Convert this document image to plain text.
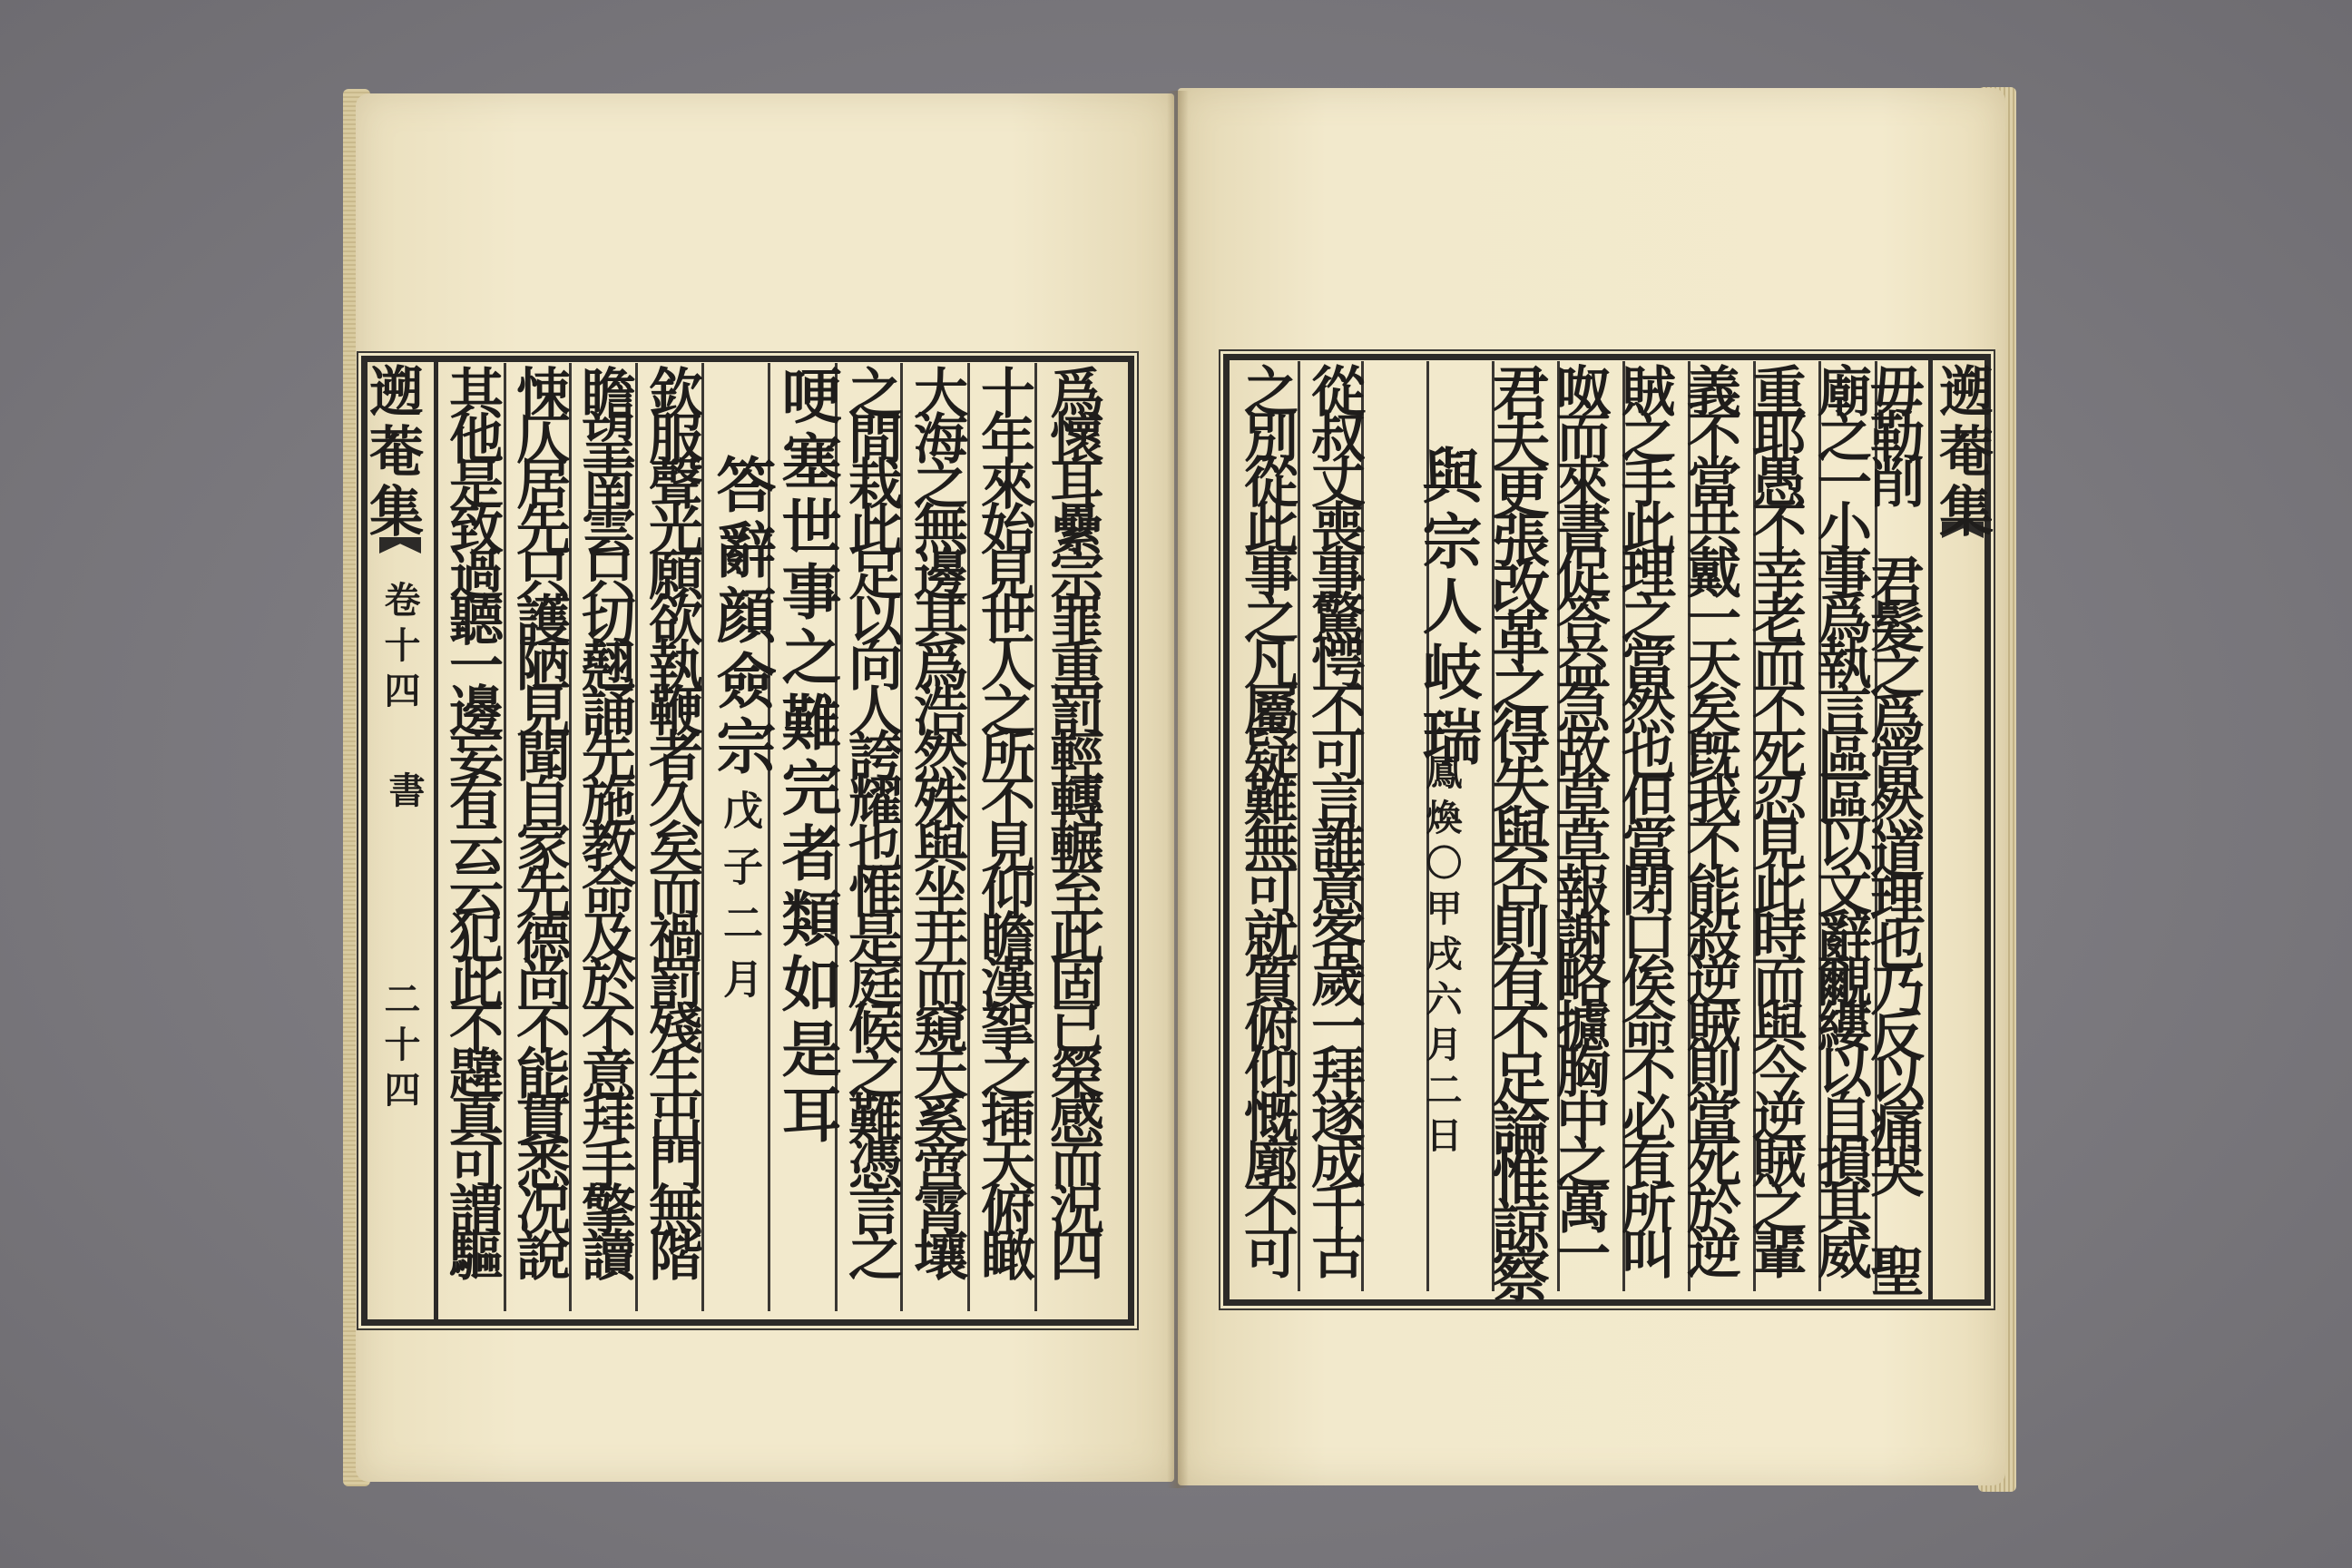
遡菴集
卷十四
書
二十四	爲懷耳纍宗罪重罰輕轉輾至此固已榮感而況四
十年來始見世人之所不見仰瞻漢挐之揷天俯瞰
大海之無邊其爲浩然殊與坐井而窺天奚啻霄壤
之間栽此足以向人誇耀也惟是庭候之難憑言之
哽塞世事之難完者類如是耳
答辭顔僉宗
戊子二月
欽服聲光願欲執鞭者久矣而禍罰殘生出門無階
瞻望南雲只切翹誦先施教命及於不意拜手擎讀
悚仄居先只護陋見聞自家先德尚不能貫悉况說
其他是致過聽一邊妄有云云犯此不韙真可謂驅	遡菴集
毋勒削 君髮之爲當然道理也乃反以痛哭 聖
廟之一小事爲執言區區以文辭覼縷以自損其威
重耶愚不幸老而不死忍見此時而與今逆賊之輩
義不當共戴一天矣旣我不能殺逆賊則當死於逆
賊之手此理之當然也但當閉口俟命不必有所叫
呶而來書促答益急故草草報謝略攄胸中之萬一
君夫更張改革之得失與否則有不足論惟諒察
與宗人岐瑞
鳳煥〇甲戌六月二日
從叔丈喪事驚愕不可言誰意客歲一拜遂成千古
之別從此事之凡屬疑難無可就質俯仰慨廓不可
